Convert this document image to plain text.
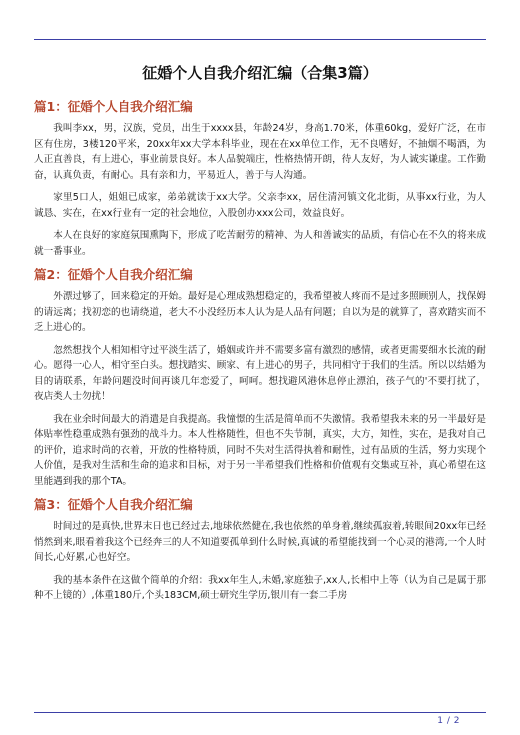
征婚个人自我介绍汇编（合集3篇）
篇1：征婚个人自我介绍汇编

我叫李xx，男，汉族，党员，出生于xxxx县，年龄24岁，身高1.70米，体重60kg，爱好广泛，在市区有住房，3楼120平米，20xx年xx大学本科毕业，现在在xx单位工作，无不良嗜好，不抽烟不喝酒，为人正直善良，有上进心，事业前景良好。本人品貌端庄，性格热情开朗，待人友好，为人诚实谦虚。工作勤奋，认真负责，有耐心。具有亲和力，平易近人，善于与人沟通。

家里5口人，姐姐已成家，弟弟就读于xx大学。父亲李xx，居住清河镇文化北街，从事xx行业，为人诚恳、实在，在xx行业有一定的社会地位，入股创办xxx公司，效益良好。

本人在良好的家庭氛围熏陶下，形成了吃苦耐劳的精神、为人和善诚实的品质，有信心在不久的将来成就一番事业。

篇2：征婚个人自我介绍汇编

外漂过够了，回来稳定的开始。最好是心理成熟想稳定的，我希望被人疼而不是过多照顾别人，找保姆的请远离；找初恋的也请绕道，老大不小没经历本人认为是人品有问题；自以为是的就算了，喜欢踏实而不乏上进心的。

忽然想找个人相知相守过平淡生活了，婚姻或许并不需要多富有激烈的感情，或者更需要细水长流的耐心。愿得一心人，相守至白头。想找踏实、顾家、有上进心的男子，共同相守于我们的生活。所以以结婚为目的请联系，年龄问题没时间再谈几年恋爱了，呵呵。想找避风港休息停止漂泊，孩子气的'不要打扰了，夜店类人士勿扰！

我在业余时间最大的消遣是自我提高。我憧憬的生活是简单而不失激情。我希望我未来的另一半最好是体贴率性稳重成熟有强劲的战斗力。本人性格随性，但也不失节制，真实，大方，知性，实在，是我对自己的评价，追求时尚的衣着，开放的性格特质，同时不失对生活得执着和耐性，过有品质的生活，努力实现个人价值，是我对生活和生命的追求和目标，对于另一半希望我们性格和价值观有交集或互补，真心希望在这里能遇到我的那个TA。

篇3：征婚个人自我介绍汇编

时间过的是真快,世界末日也已经过去,地球依然健在,我也依然的单身着,继续孤寂着,转眼间20xx年已经悄然到来,眼看着我这个已经奔三的人不知道要孤单到什么时候,真诚的希望能找到一个心灵的港湾,一个人时间长,心好累,心也好空。

我的基本条件在这做个简单的介绍：我xx年生人,未婚,家庭独子,xx人,长相中上等（认为自己是属于那种不上镜的）,体重180斤,个头183CM,硕士研究生学历,银川有一套二手房

1 / 2
